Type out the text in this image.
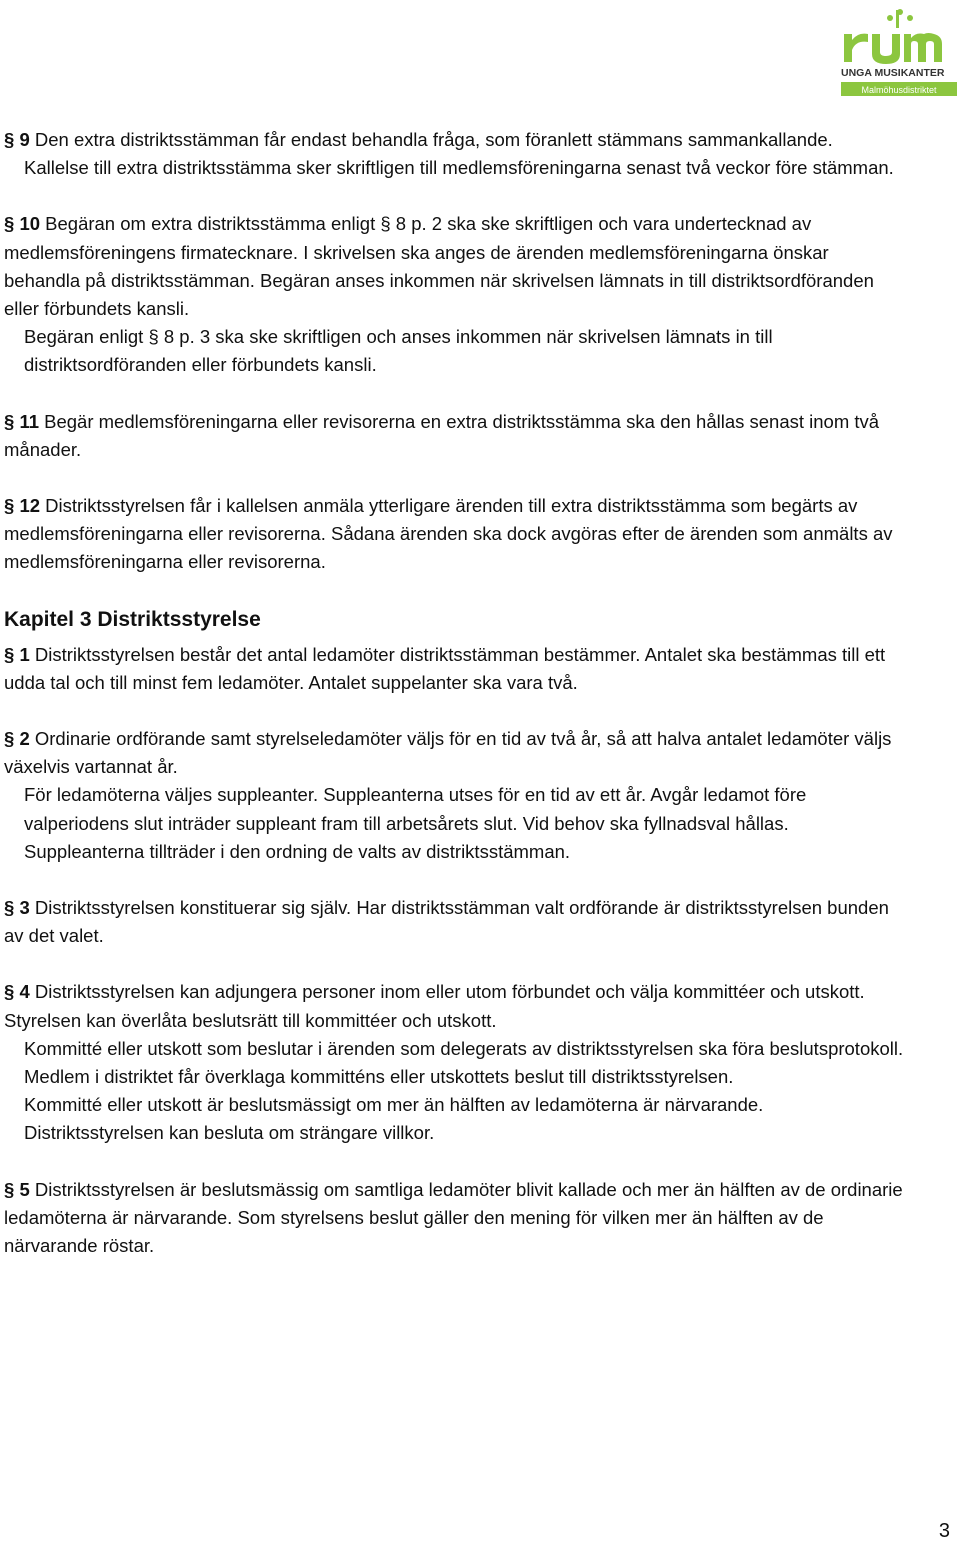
UNGA MUSIKANTER
Malmöhusdistriktet

§ 9 Den extra distriktsstämman får endast behandla fråga, som föranlett stämmans sammankallande.

Kallelse till extra distriktsstämma sker skriftligen till medlemsföreningarna senast två veckor före stämman.

§ 10 Begäran om extra distriktsstämma enligt § 8 p. 2 ska ske skriftligen och vara undertecknad av medlemsföreningens firmatecknare. I skrivelsen ska anges de ärenden medlemsföreningarna önskar behandla på distriktsstämman. Begäran anses inkommen när skrivelsen lämnats in till distriktsordföranden eller förbundets kansli.

Begäran enligt § 8 p. 3 ska ske skriftligen och anses inkommen när skrivelsen lämnats in till distriktsordföranden eller förbundets kansli.

§ 11 Begär medlemsföreningarna eller revisorerna en extra distriktsstämma ska den hållas senast inom två månader.

§ 12 Distriktsstyrelsen får i kallelsen anmäla ytterligare ärenden till extra distriktsstämma som begärts av medlemsföreningarna eller revisorerna. Sådana ärenden ska dock avgöras efter de ärenden som anmälts av medlemsföreningarna eller revisorerna.

Kapitel 3 Distriktsstyrelse

§ 1 Distriktsstyrelsen består det antal ledamöter distriktsstämman bestämmer. Antalet ska bestämmas till ett udda tal och till minst fem ledamöter. Antalet suppelanter ska vara två.

§ 2 Ordinarie ordförande samt styrelseledamöter väljs för en tid av två år, så att halva antalet ledamöter väljs växelvis vartannat år.

För ledamöterna väljes suppleanter. Suppleanterna utses för en tid av ett år. Avgår ledamot före valperiodens slut inträder suppleant fram till arbetsårets slut. Vid behov ska fyllnadsval hållas. Suppleanterna tillträder i den ordning de valts av distriktsstämman.

§ 3 Distriktsstyrelsen konstituerar sig själv. Har distriktsstämman valt ordförande är distriktsstyrelsen bunden av det valet.

§ 4 Distriktsstyrelsen kan adjungera personer inom eller utom förbundet och välja kommittéer och utskott. Styrelsen kan överlåta beslutsrätt till kommittéer och utskott.

Kommitté eller utskott som beslutar i ärenden som delegerats av distriktsstyrelsen ska föra beslutsprotokoll. Medlem i distriktet får överklaga kommitténs eller utskottets beslut till distriktsstyrelsen.

Kommitté eller utskott är beslutsmässigt om mer än hälften av ledamöterna är närvarande. Distriktsstyrelsen kan besluta om strängare villkor.

§ 5 Distriktsstyrelsen är beslutsmässig om samtliga ledamöter blivit kallade och mer än hälften av de ordinarie ledamöterna är närvarande. Som styrelsens beslut gäller den mening för vilken mer än hälften av de närvarande röstar.

3
